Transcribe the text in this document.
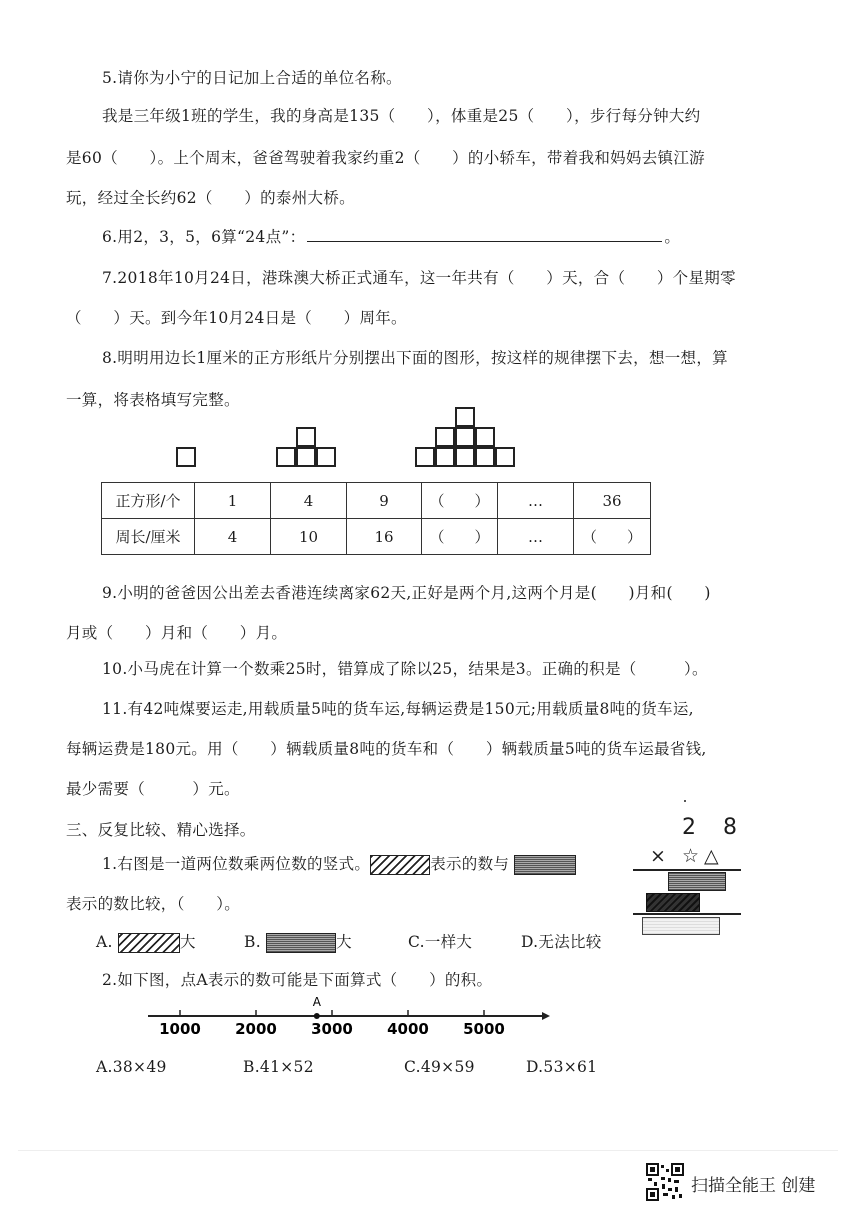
5.请你为小宁的日记加上合适的单位名称。
我是三年级1班的学生，我的身高是135（　　），体重是25（　　），步行每分钟大约
是60（　　）。上个周末，爸爸驾驶着我家约重2（　　）的小轿车，带着我和妈妈去镇江游
玩，经过全长约62（　　）的泰州大桥。
6.用2，3，5，6算“24点”：	。
7.2018年10月24日，港珠澳大桥正式通车，这一年共有（　　）天，合（　　）个星期零
（　　）天。到今年10月24日是（　　）周年。
8.明明用边长1厘米的正方形纸片分别摆出下面的图形，按这样的规律摆下去，想一想，算
一算，将表格填写完整。
正方形/个	1	4	9	（　　）	…	36
周长/厘米	4	10	16	（　　）	…	（　　）
9.小明的爸爸因公出差去香港连续离家62天,正好是两个月,这两个月是(　　)月和(　　)
月或（　　）月和（　　）月。
10.小马虎在计算一个数乘25时，错算成了除以25，结果是3。正确的积是（　　　）。
11.有42吨煤要运走,用载质量5吨的货车运,每辆运费是150元;用载质量8吨的货车运,
每辆运费是180元。用（　　）辆载质量8吨的货车和（　　）辆载质量5吨的货车运最省钱,
最少需要（　　　）元。
三、反复比较、精心选择。
1.右图是一道两位数乘两位数的竖式。	表示的数与
表示的数比较，（　　）。
A.	大	B.	大	C.一样大	D.无法比较
2 8
× ☆△
2.如下图，点A表示的数可能是下面算式（　　）的积。
1000 2000 3000 4000 5000
A
A.38×49	B.41×52	C.49×59	D.53×61
扫描全能王 创建
